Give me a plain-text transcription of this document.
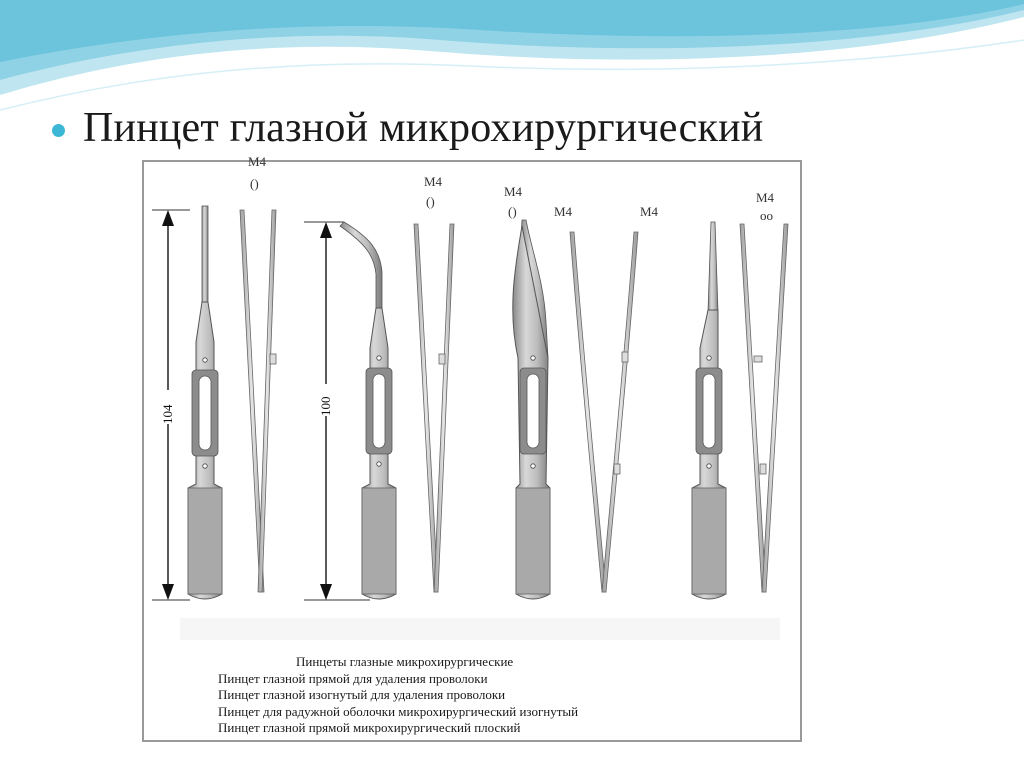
Пинцет глазной микрохирургический
104	100
M4
()	M4
()
M4
()	M4	M4
M4
oo
Пинцеты глазные микрохирургические
Пинцет глазной прямой для удаления проволоки
Пинцет глазной изогнутый для удаления проволоки
Пинцет для радужной оболочки микрохирургический изогнутый
Пинцет глазной прямой микрохирургический плоский
